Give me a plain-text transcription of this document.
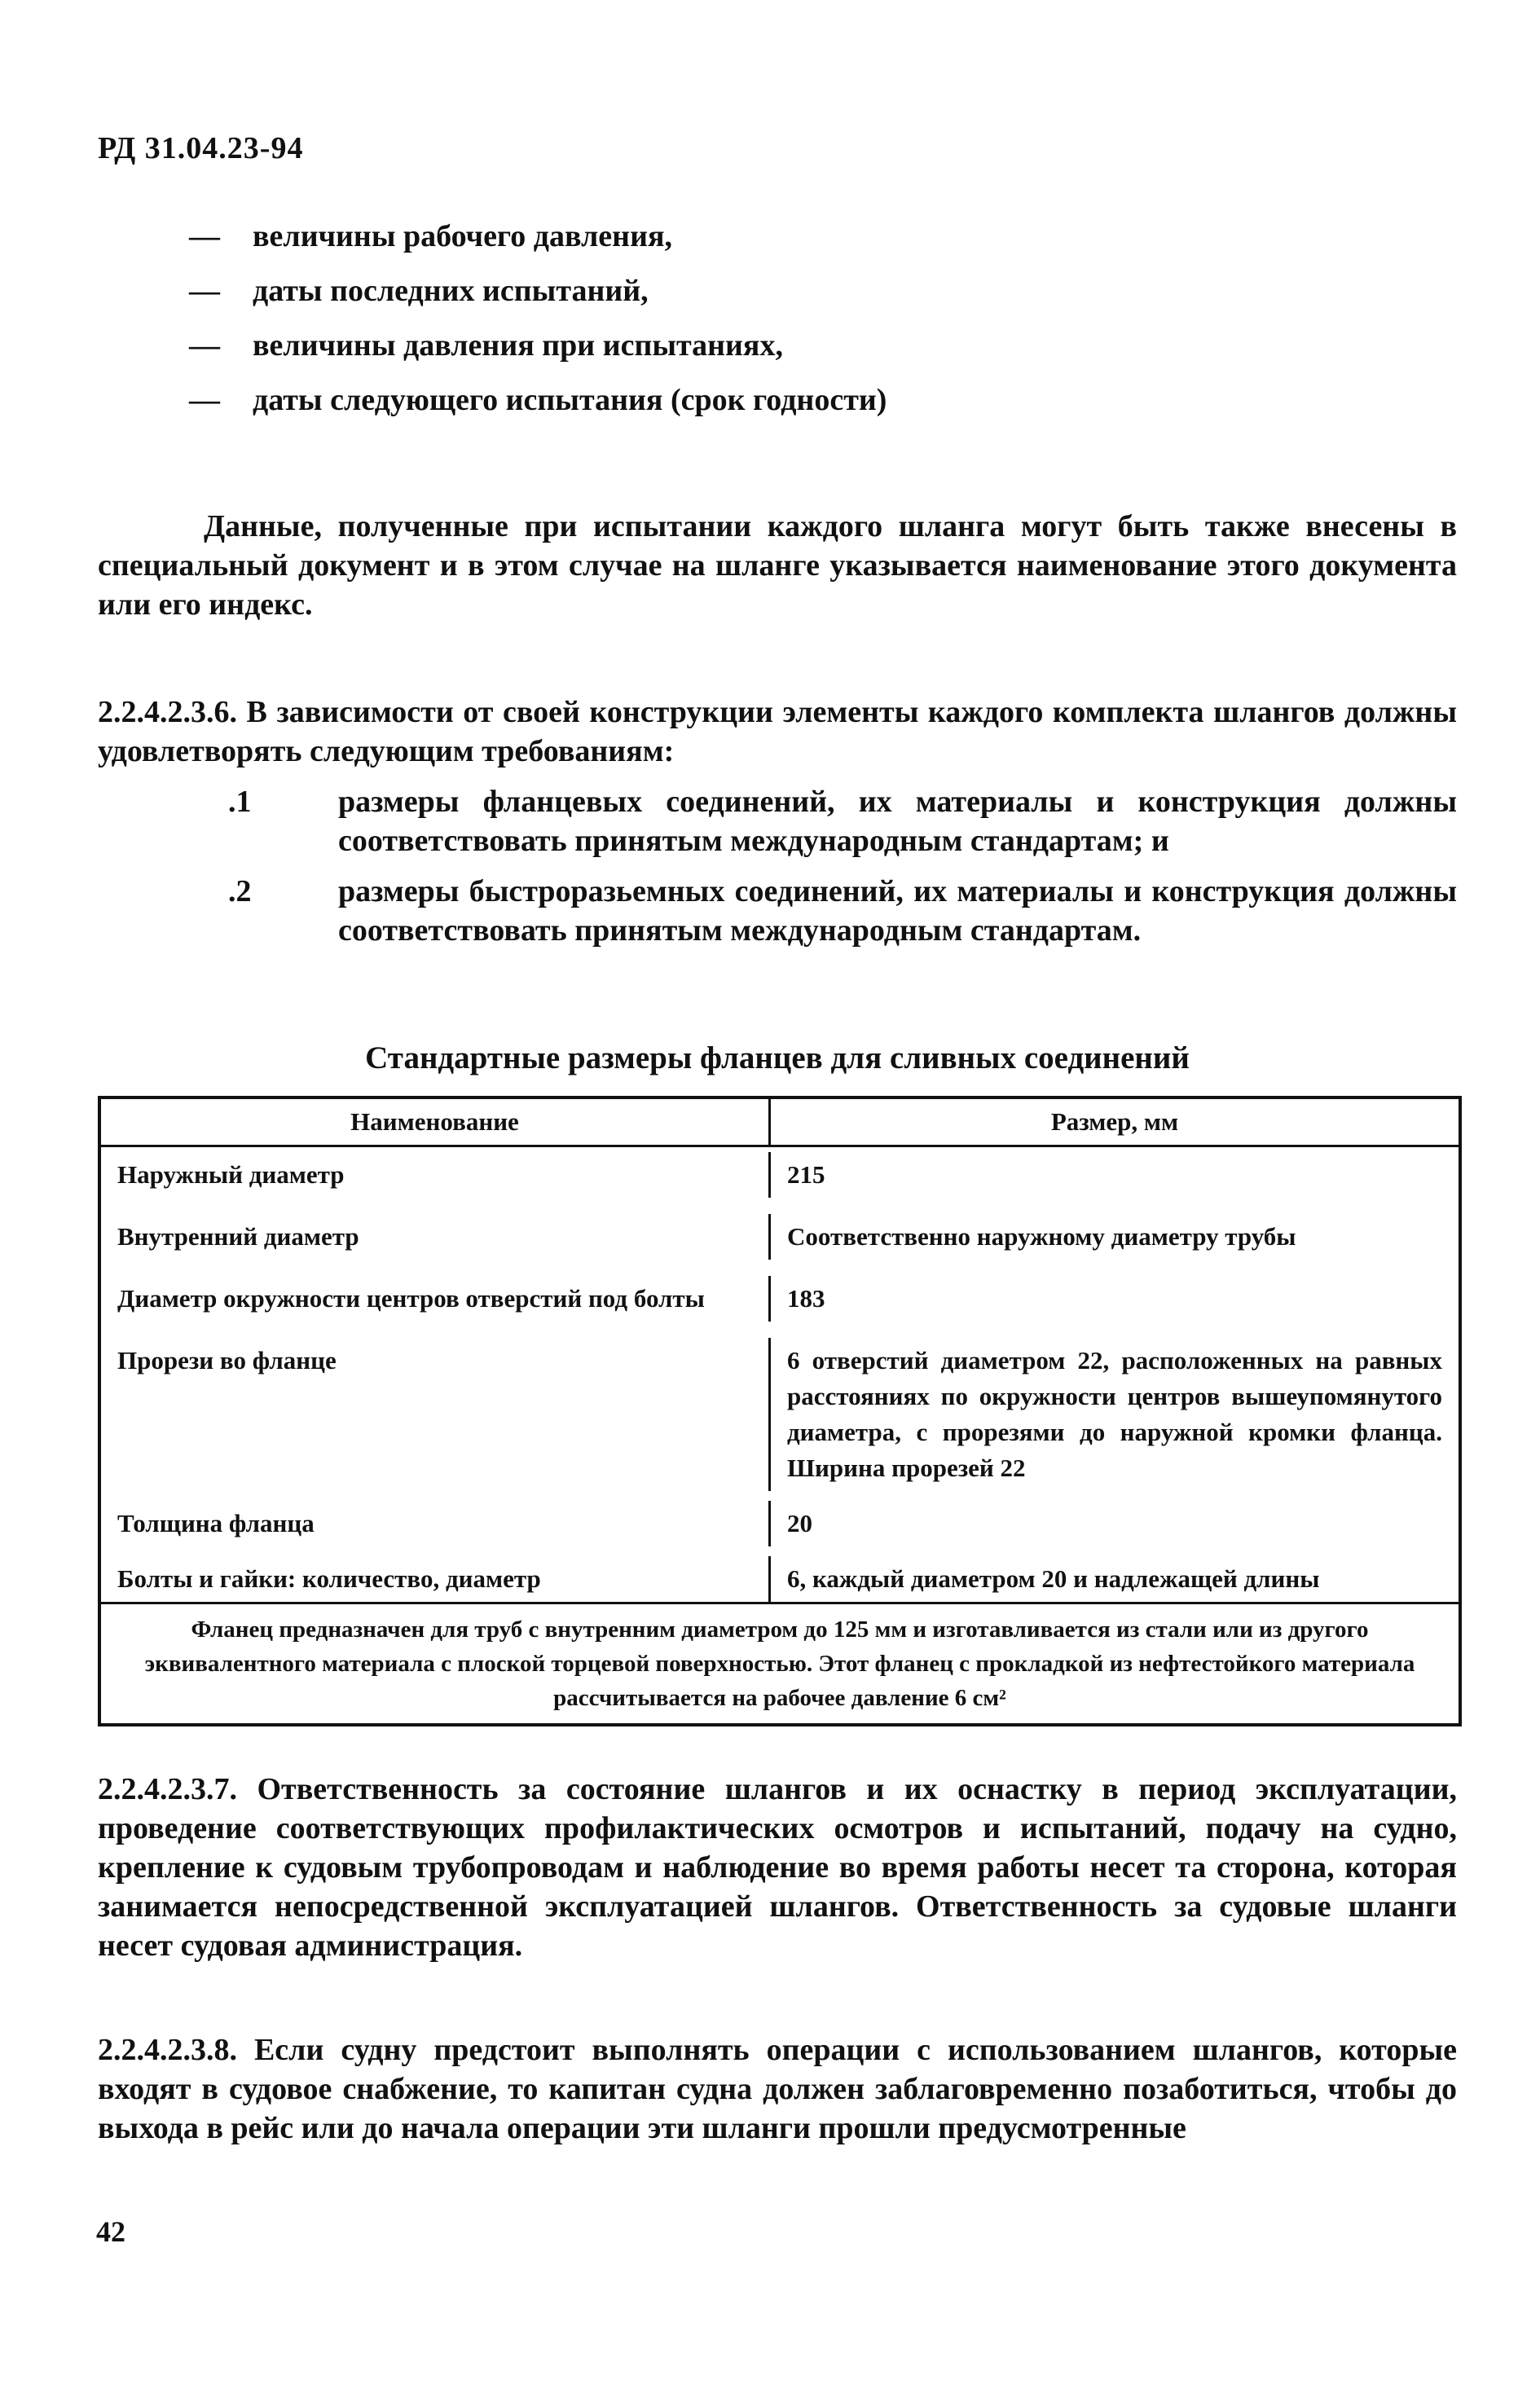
РД 31.04.23-94
—	величины рабочего давления,
—	даты последних испытаний,
—	величины давления при испытаниях,
—	даты следующего испытания (срок годности)
Данные, полученные при испытании каждого шланга могут быть также внесены в специальный документ и в этом случае на шланге указывается наименование этого документа или его индекс.
2.2.4.2.3.6. В зависимости от своей конструкции элементы каждого комплекта шлангов должны удовлетворять следующим требованиям:
.1	размеры фланцевых соединений, их материалы и конструкция должны соответствовать принятым международным стандартам; и
.2	размеры быстроразьемных соединений, их материалы и конструкция должны соответствовать принятым международным стандартам.
Стандартные размеры фланцев для сливных соединений
Наименование	Размер, мм
Наружный диаметр	215
Внутренний диаметр	Соответственно наружному диаметру трубы
Диаметр окружности центров отверстий под болты	183
Прорези во фланце	6 отверстий диаметром 22, расположенных на равных расстояниях по окружности центров вышеупомянутого диаметра, с прорезями до наружной кромки фланца. Ширина прорезей 22
Толщина фланца	20
Болты и гайки: количество, диаметр	6, каждый диаметром 20 и надлежащей длины
Фланец предназначен для труб с внутренним диаметром до 125 мм и изготавливается из стали или из другого эквивалентного материала с плоской торцевой поверхностью. Этот фланец с прокладкой из нефтестойкого материала рассчитывается на рабочее давление 6 см²
2.2.4.2.3.7. Ответственность за состояние шлангов и их оснастку в период эксплуатации, проведение соответствующих профилактических осмотров и испытаний, подачу на судно, крепление к судовым трубопроводам и наблюдение во время работы несет та сторона, которая занимается непосредственной эксплуатацией шлангов. Ответственность за судовые шланги несет судовая администрация.
2.2.4.2.3.8. Если судну предстоит выполнять операции с использованием шлангов, которые входят в судовое снабжение, то капитан судна должен заблаговременно позаботиться, чтобы до выхода в рейс или до начала операции эти шланги прошли предусмотренные
42
